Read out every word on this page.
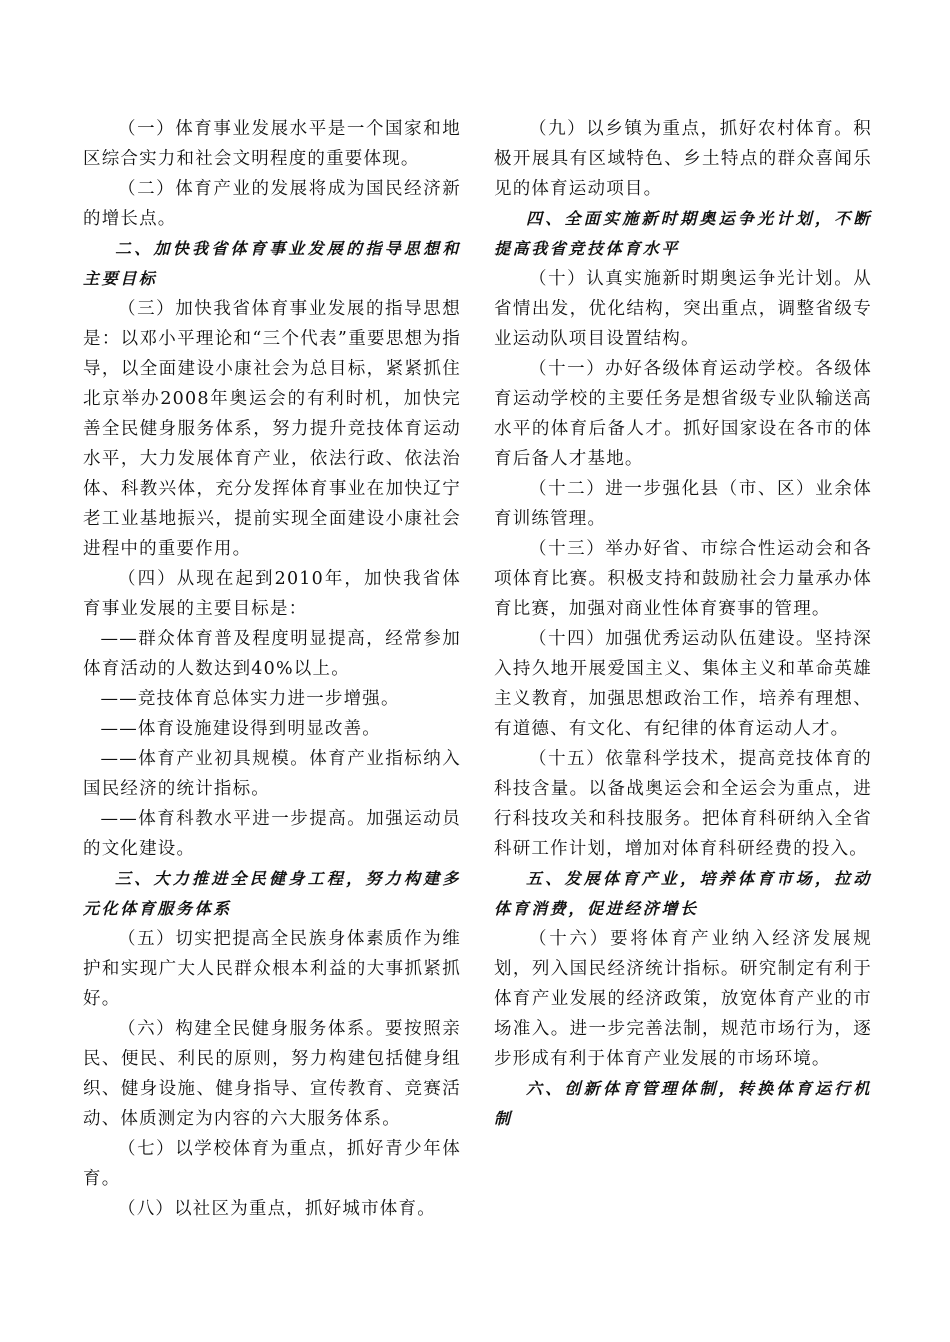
（一）体育事业发展水平是一个国家和地区综合实力和社会文明程度的重要体现。

（二）体育产业的发展将成为国民经济新的增长点。

二、加快我省体育事业发展的指导思想和主要目标

（三）加快我省体育事业发展的指导思想是：以邓小平理论和“三个代表”重要思想为指导，以全面建设小康社会为总目标，紧紧抓住北京举办2008年奥运会的有利时机，加快完善全民健身服务体系，努力提升竞技体育运动水平，大力发展体育产业，依法行政、依法治体、科教兴体，充分发挥体育事业在加快辽宁老工业基地振兴，提前实现全面建设小康社会进程中的重要作用。

（四）从现在起到2010年，加快我省体育事业发展的主要目标是：

——群众体育普及程度明显提高，经常参加体育活动的人数达到40%以上。

——竞技体育总体实力进一步增强。

——体育设施建设得到明显改善。

——体育产业初具规模。体育产业指标纳入国民经济的统计指标。

——体育科教水平进一步提高。加强运动员的文化建设。

三、大力推进全民健身工程，努力构建多元化体育服务体系

（五）切实把提高全民族身体素质作为维护和实现广大人民群众根本利益的大事抓紧抓好。

（六）构建全民健身服务体系。要按照亲民、便民、利民的原则，努力构建包括健身组织、健身设施、健身指导、宣传教育、竞赛活动、体质测定为内容的六大服务体系。

（七）以学校体育为重点，抓好青少年体育。

（八）以社区为重点，抓好城市体育。

（九）以乡镇为重点，抓好农村体育。积极开展具有区域特色、乡土特点的群众喜闻乐见的体育运动项目。

四、全面实施新时期奥运争光计划，不断提高我省竞技体育水平

（十）认真实施新时期奥运争光计划。从省情出发，优化结构，突出重点，调整省级专业运动队项目设置结构。

（十一）办好各级体育运动学校。各级体育运动学校的主要任务是想省级专业队输送高水平的体育后备人才。抓好国家设在各市的体育后备人才基地。

（十二）进一步强化县（市、区）业余体育训练管理。

（十三）举办好省、市综合性运动会和各项体育比赛。积极支持和鼓励社会力量承办体育比赛，加强对商业性体育赛事的管理。

（十四）加强优秀运动队伍建设。坚持深入持久地开展爱国主义、集体主义和革命英雄主义教育，加强思想政治工作，培养有理想、有道德、有文化、有纪律的体育运动人才。

（十五）依靠科学技术，提高竞技体育的科技含量。以备战奥运会和全运会为重点，进行科技攻关和科技服务。把体育科研纳入全省科研工作计划，增加对体育科研经费的投入。

五、发展体育产业，培养体育市场，拉动体育消费，促进经济增长

（十六）要将体育产业纳入经济发展规划，列入国民经济统计指标。研究制定有利于体育产业发展的经济政策，放宽体育产业的市场准入。进一步完善法制，规范市场行为，逐步形成有利于体育产业发展的市场环境。

六、创新体育管理体制，转换体育运行机制
